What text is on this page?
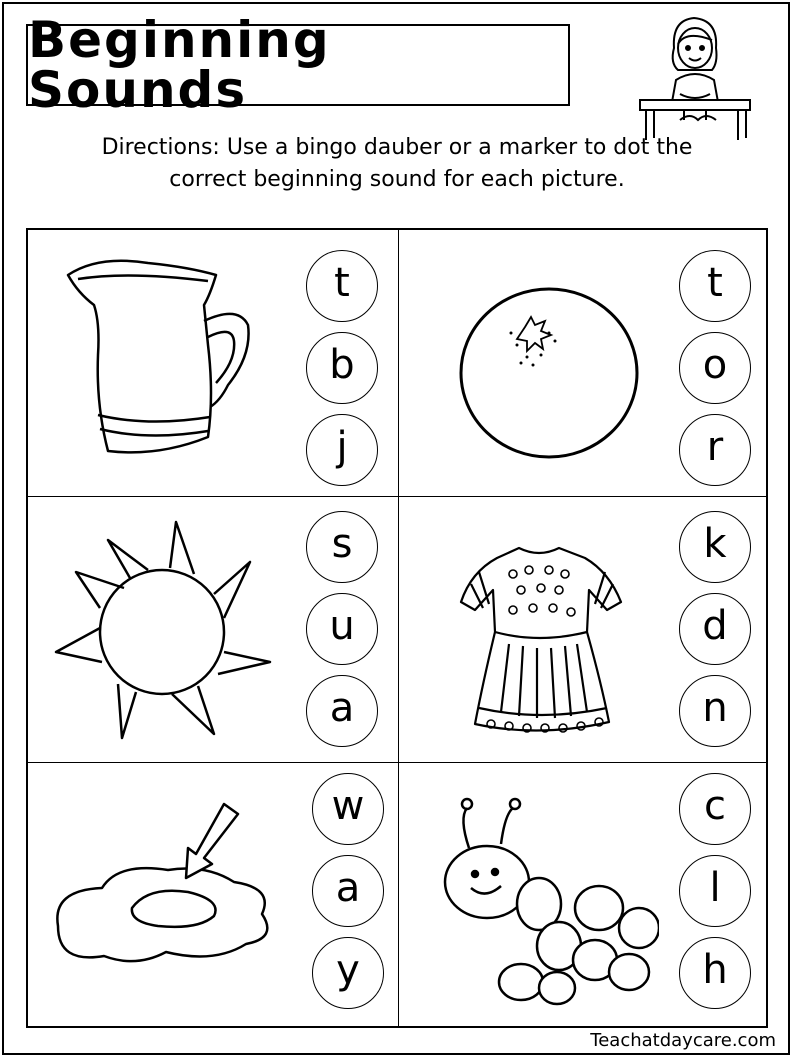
Beginning Sounds
Directions: Use a bingo dauber or a marker to dot the
correct beginning sound for each picture.
t
b
j
t
o
r
s
u
a
k
d
n
w
a
y
c
l
h
Teachatdaycare.com
